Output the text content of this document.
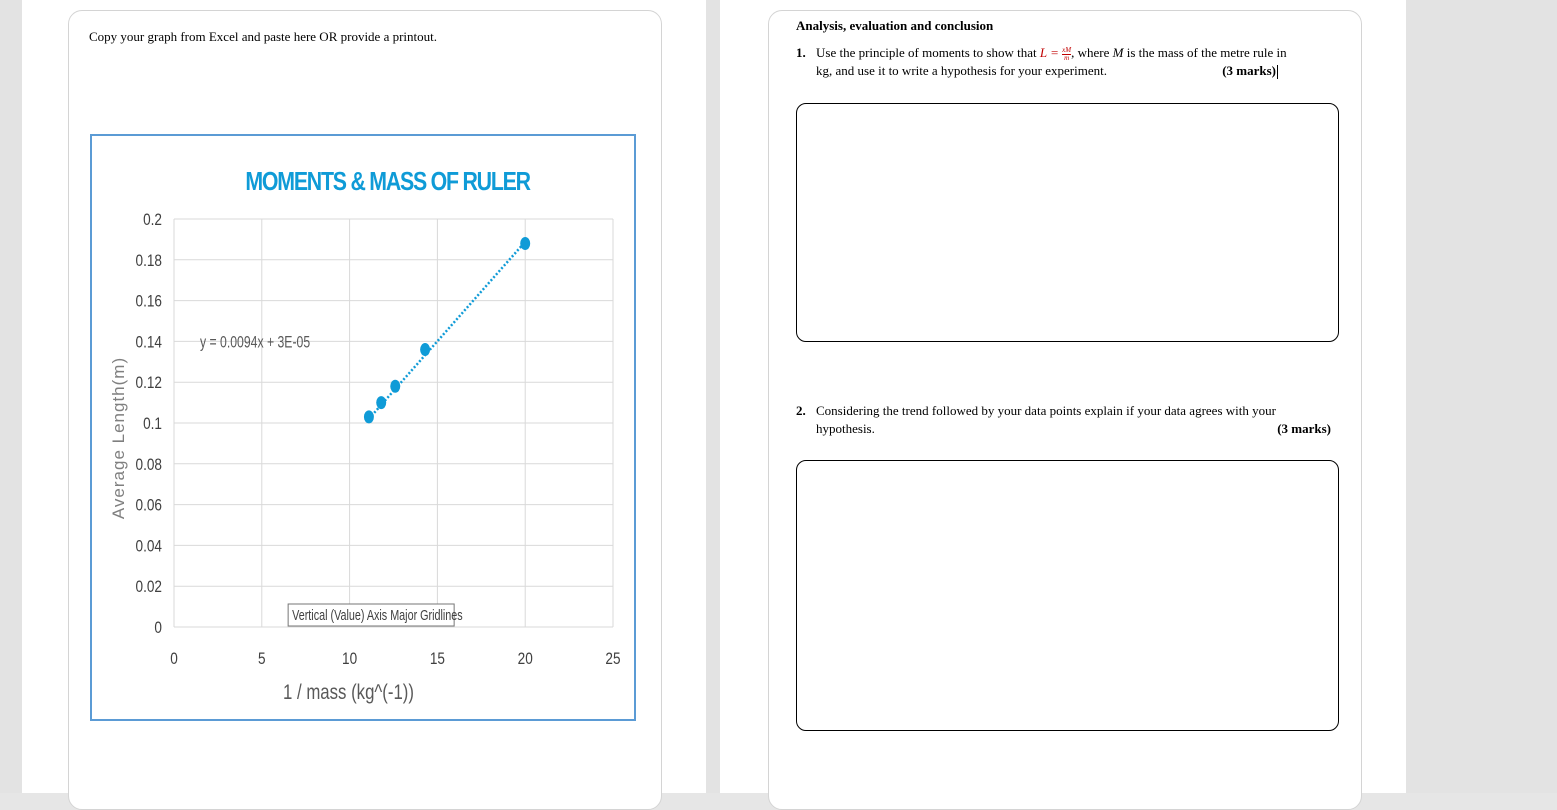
Copy your graph from Excel and paste here OR provide a printout.
MOMENTS & MASS OF RULER
0
0.02
0.04
0.06
0.08
0.1
0.12
0.14
0.16
0.18
0.2
0	5	10	15	20	25
y = 0.0094x + 3E-05
Vertical (Value) Axis Major Gridlines
1 / mass (kg^(-1))
Average Length(m)
Analysis, evaluation and conclusion
1. Use the principle of moments to show that $L = \frac{xM}{m}$ , where M is the mass of the metre rule in
kg, and use it to write a hypothesis for your experiment.	(3 marks)
2. Considering the trend followed by your data points explain if your data agrees with your
hypothesis.	(3 marks)
